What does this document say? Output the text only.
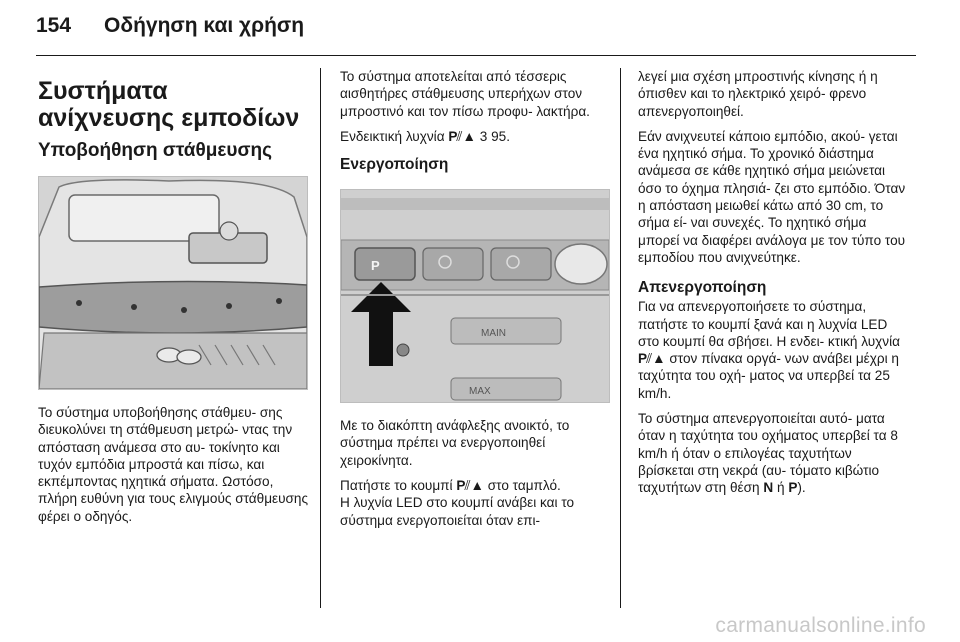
154	Οδήγηση και χρήση
Συστήματα ανίχνευσης εμποδίων
Υποβοήθηση στάθμευσης

Το σύστημα υποβοήθησης στάθμευ- σης διευκολύνει τη στάθμευση μετρώ- ντας την απόσταση ανάμεσα στο αυ- τοκίνητο και τυχόν εμπόδια μπροστά και πίσω, και εκπέμποντας ηχητικά σήματα. Ωστόσο, πλήρη ευθύνη για τους ελιγμούς στάθμευσης φέρει ο οδηγός.

Το σύστημα αποτελείται από τέσσερις αισθητήρες στάθμευσης υπερήχων στον μπροστινό και τον πίσω προφυ- λακτήρα.

Ενδεικτική λυχνία P⫽▲ 3 95.

Ενεργοποίηση
P
MAIN
MAX

Με το διακόπτη ανάφλεξης ανοικτό, το σύστημα πρέπει να ενεργοποιηθεί χειροκίνητα.

Πατήστε το κουμπί P⫽▲ στο ταμπλό.

Η λυχνία LED στο κουμπί ανάβει και το σύστημα ενεργοποιείται όταν επι-

λεγεί μια σχέση μπροστινής κίνησης ή η όπισθεν και το ηλεκτρικό χειρό- φρενο απενεργοποιηθεί.

Εάν ανιχνευτεί κάποιο εμπόδιο, ακού- γεται ένα ηχητικό σήμα. Το χρονικό διάστημα ανάμεσα σε κάθε ηχητικό σήμα μειώνεται όσο το όχημα πλησιά- ζει στο εμπόδιο. Όταν η απόσταση μειωθεί κάτω από 30 cm, το σήμα εί- ναι συνεχές. Το ηχητικό σήμα μπορεί να διαφέρει ανάλογα με τον τύπο του εμποδίου που ανιχνεύτηκε.

Απενεργοποίηση

Για να απενεργοποιήσετε το σύστημα, πατήστε το κουμπί ξανά και η λυχνία LED στο κουμπί θα σβήσει. Η ενδει- κτική λυχνία P⫽▲ στον πίνακα οργά- νων ανάβει μέχρι η ταχύτητα του οχή- ματος να υπερβεί τα 25 km/h.

Το σύστημα απενεργοποιείται αυτό- ματα όταν η ταχύτητα του οχήματος υπερβεί τα 8 km/h ή όταν ο επιλογέας ταχυτήτων βρίσκεται στη νεκρά (αυ- τόματο κιβώτιο ταχυτήτων στη θέση N ή P).

carmanualsonline.info
